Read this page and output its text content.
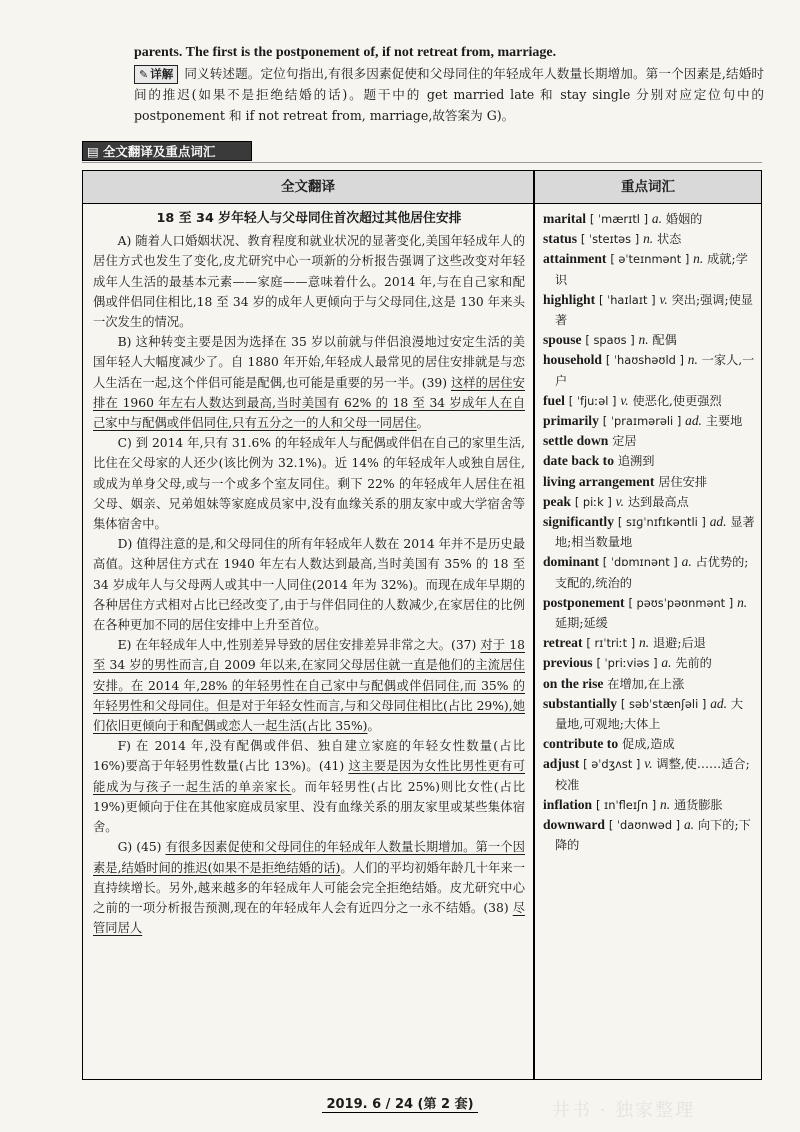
parents. The first is the postponement of, if not retreat from, marriage.

✎ 详解 同义转述题。定位句指出,有很多因素促使和父母同住的年轻成年人数量长期增加。第一个因素是,结婚时间的推迟(如果不是拒绝结婚的话)。题干中的 get married late 和 stay single 分别对应定位句中的 postponement 和 if not retreat from, marriage,故答案为 G)。

▤ 全文翻译及重点词汇
全文翻译	重点词汇
18 至 34 岁年轻人与父母同住首次超过其他居住安排

A) 随着人口婚姻状况、教育程度和就业状况的显著变化,美国年轻成年人的居住方式也发生了变化,皮尤研究中心一项新的分析报告强调了这些改变对年轻成年人生活的最基本元素——家庭——意味着什么。2014 年,与在自己家和配偶或伴侣同住相比,18 至 34 岁的成年人更倾向于与父母同住,这是 130 年来头一次发生的情况。

B) 这种转变主要是因为选择在 35 岁以前就与伴侣浪漫地过安定生活的美国年轻人大幅度减少了。自 1880 年开始,年轻成人最常见的居住安排就是与恋人生活在一起,这个伴侣可能是配偶,也可能是重要的另一半。(39) 这样的居住安排在 1960 年左右人数达到最高,当时美国有 62% 的 18 至 34 岁成年人在自己家中与配偶或伴侣同住,只有五分之一的人和父母一同居住。

C) 到 2014 年,只有 31.6% 的年轻成年人与配偶或伴侣在自己的家里生活,比住在父母家的人还少(该比例为 32.1%)。近 14% 的年轻成年人或独自居住,或成为单身父母,或与一个或多个室友同住。剩下 22% 的年轻成年人居住在祖父母、姻亲、兄弟姐妹等家庭成员家中,没有血缘关系的朋友家中或大学宿舍等集体宿舍中。

D) 值得注意的是,和父母同住的所有年轻成年人数在 2014 年并不是历史最高值。这种居住方式在 1940 年左右人数达到最高,当时美国有 35% 的 18 至 34 岁成年人与父母两人或其中一人同住(2014 年为 32%)。而现在成年早期的各种居住方式相对占比已经改变了,由于与伴侣同住的人数减少,在家居住的比例在各种更加不同的居住安排中上升至首位。

E) 在年轻成年人中,性别差异导致的居住安排差异非常之大。(37) 对于 18 至 34 岁的男性而言,自 2009 年以来,在家同父母居住就一直是他们的主流居住安排。在 2014 年,28% 的年轻男性在自己家中与配偶或伴侣同住,而 35% 的年轻男性和父母同住。但是对于年轻女性而言,与和父母同住相比(占比 29%),她们依旧更倾向于和配偶或恋人一起生活(占比 35%)。

F) 在 2014 年,没有配偶或伴侣、独自建立家庭的年轻女性数量(占比 16%)要高于年轻男性数量(占比 13%)。(41) 这主要是因为女性比男性更有可能成为与孩子一起生活的单亲家长。而年轻男性(占比 25%)则比女性(占比 19%)更倾向于住在其他家庭成员家里、没有血缘关系的朋友家里或某些集体宿舍。

G) (45) 有很多因素促使和父母同住的年轻成年人数量长期增加。第一个因素是,结婚时间的推迟(如果不是拒绝结婚的话)。人们的平均初婚年龄几十年来一直持续增长。另外,越来越多的年轻成年人可能会完全拒绝结婚。皮尤研究中心之前的一项分析报告预测,现在的年轻成年人会有近四分之一永不结婚。(38) 尽管同居人

marital [ ˈmærɪtl ] a. 婚姻的
status [ ˈsteɪtəs ] n. 状态
attainment [ əˈteɪnmənt ] n. 成就;学识
highlight [ ˈhaɪlaɪt ] v. 突出;强调;使显著
spouse [ spaʊs ] n. 配偶
household [ ˈhaʊshəʊld ] n. 一家人,一户
fuel [ ˈfjuːəl ] v. 使恶化,使更强烈
primarily [ ˈpraɪmərəli ] ad. 主要地
settle down 定居
date back to 追溯到
living arrangement 居住安排
peak [ piːk ] v. 达到最高点
significantly [ sɪɡˈnɪfɪkəntli ] ad. 显著地;相当数量地
dominant [ ˈdɒmɪnənt ] a. 占优势的;支配的,统治的
postponement [ pəʊsˈpəʊnmənt ] n. 延期;延缓
retreat [ rɪˈtriːt ] n. 退避;后退
previous [ ˈpriːviəs ] a. 先前的
on the rise 在增加,在上涨
substantially [ səbˈstænʃəli ] ad. 大量地,可观地;大体上
contribute to 促成,造成
adjust [ əˈdʒʌst ] v. 调整,使……适合;校准
inflation [ ɪnˈfleɪʃn ] n. 通货膨胀
downward [ ˈdaʊnwəd ] a. 向下的;下降的
2019. 6 / 24 (第 2 套)	井书 · 独家整理
